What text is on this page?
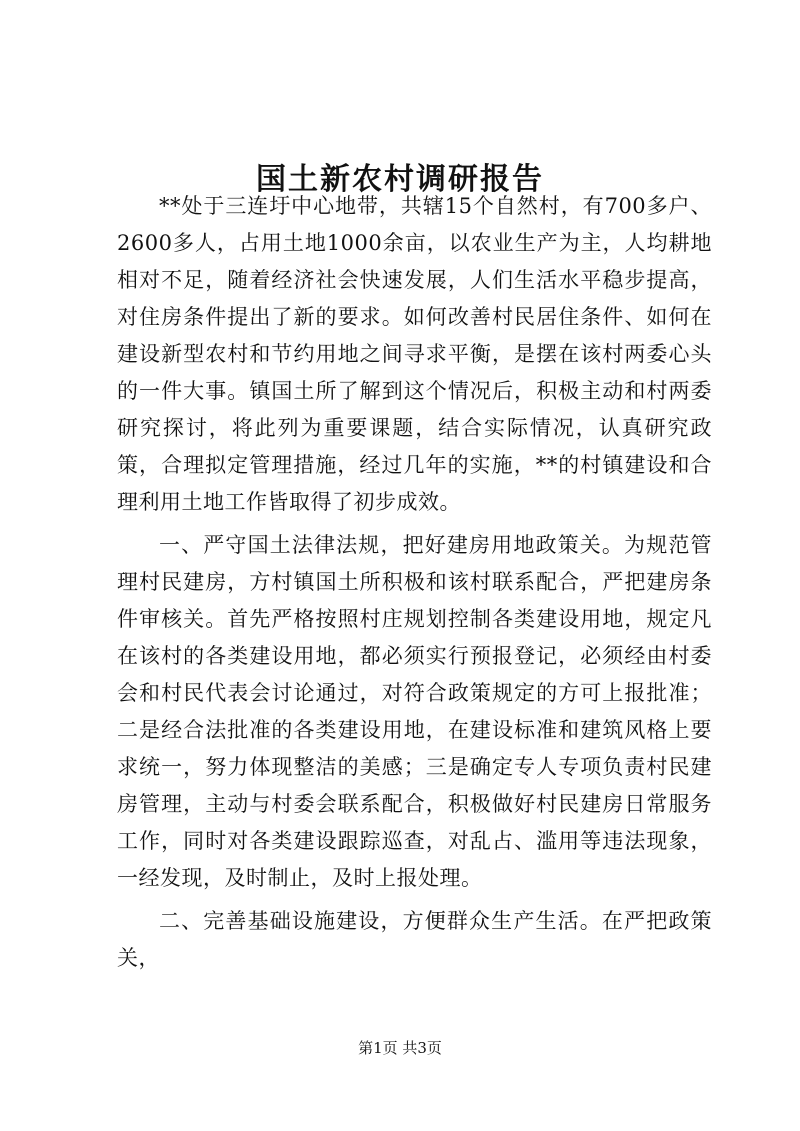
国土新农村调研报告

**处于三连圩中心地带，共辖15个自然村，有700多户、2600多人，占用土地1000余亩，以农业生产为主，人均耕地相对不足，随着经济社会快速发展，人们生活水平稳步提高，对住房条件提出了新的要求。如何改善村民居住条件、如何在建设新型农村和节约用地之间寻求平衡，是摆在该村两委心头的一件大事。镇国土所了解到这个情况后，积极主动和村两委研究探讨，将此列为重要课题，结合实际情况，认真研究政策，合理拟定管理措施，经过几年的实施，**的村镇建设和合理利用土地工作皆取得了初步成效。

一、严守国土法律法规，把好建房用地政策关。为规范管理村民建房，方村镇国土所积极和该村联系配合，严把建房条件审核关。首先严格按照村庄规划控制各类建设用地，规定凡在该村的各类建设用地，都必须实行预报登记，必须经由村委会和村民代表会讨论通过，对符合政策规定的方可上报批准；二是经合法批准的各类建设用地，在建设标准和建筑风格上要求统一，努力体现整洁的美感；三是确定专人专项负责村民建房管理，主动与村委会联系配合，积极做好村民建房日常服务工作，同时对各类建设跟踪巡查，对乱占、滥用等违法现象，一经发现，及时制止，及时上报处理。

二、完善基础设施建设，方便群众生产生活。在严把政策关，

第1页 共3页
